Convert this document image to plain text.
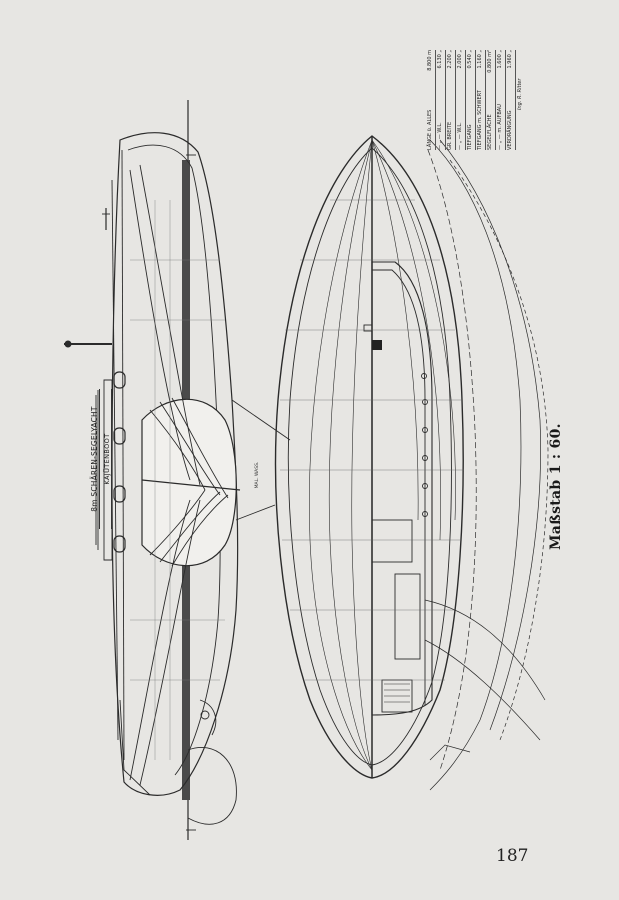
8m SCHÄREN-SEGELYACHT KAJÜTENBOOT	MAL. WASS.
LÄNGE ü. ALLES
8.800 m
— „ — W.L.
6.130 „
GR. BREITE
2.200 „
— „ — W.L.
2.000 „
TIEFGANG
0.540 „
TIEFGANG m. SCHWERT
1.160 „
SEGELFLÄCHE
0.800 m²
— „ — m. AUFBAU
1.600 „
VERDRÄNGUNG
1.960 „
Ing. R. Ritter
Maßstab 1 : 60.
187
